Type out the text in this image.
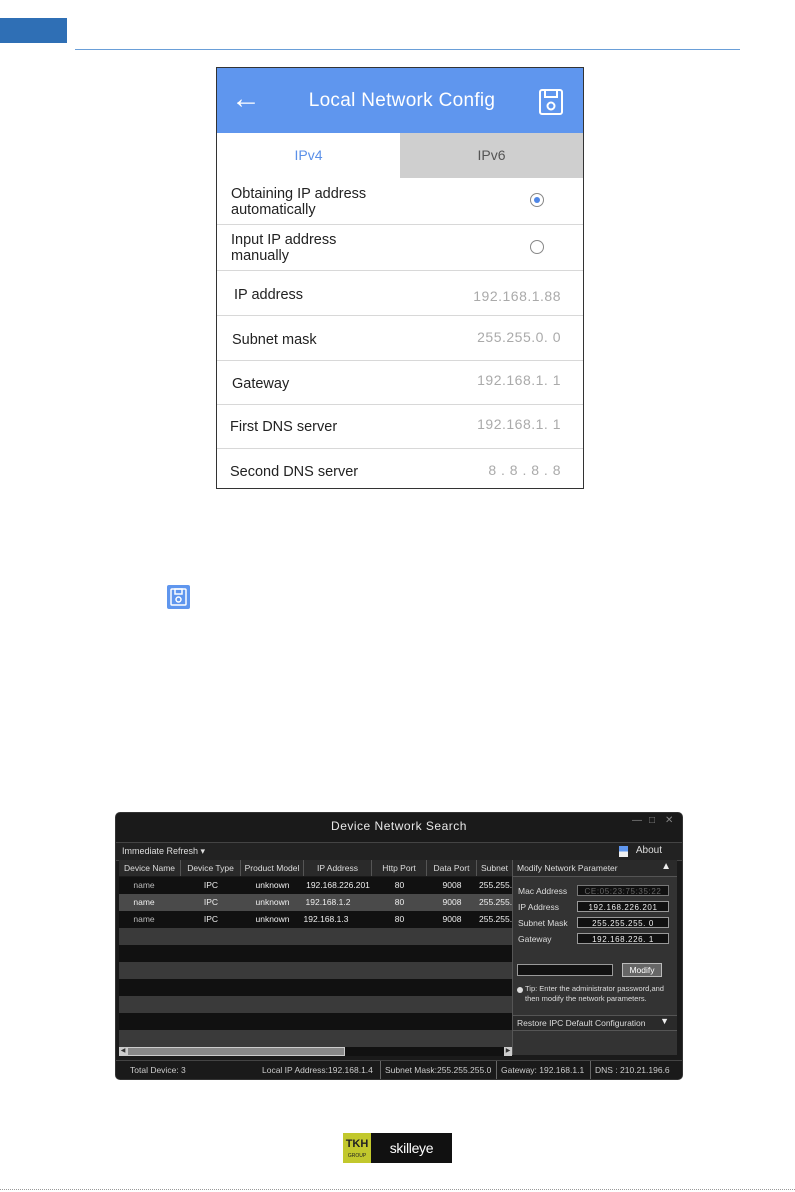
←	Local Network Config
IPv4	IPv6
Obtaining IP address
automatically
Input IP address
manually
IP address	192.168.1.88
Subnet mask	255.255.0. 0
Gateway	192.168.1. 1
First DNS server	192.168.1. 1
Second DNS server	8 . 8 . 8 . 8
Device Network Search	— □ ✕
Immediate Refresh ▾	About
Device Name	Device Type	Product Model	IP Address	Http Port	Data Port	Subnet
name	IPC	unknown	192.168.226.201	80	9008	255.255.
name	IPC	unknown	192.168.1.2	80	9008	255.255.
name	IPC	unknown	192.168.1.3	80	9008	255.255.
◀	▶
Modify Network Parameter	▲
Mac Address	CE:05:23:75:35:22
IP Address	192.168.226.201
Subnet Mask	255.255.255. 0
Gateway	192.168.226. 1
Modify
Tip: Enter the administrator password,and then modify the network parameters.
Restore IPC Default Configuration ▼
Total Device: 3	Local IP Address:192.168.1.4	Subnet Mask:255.255.255.0	Gateway: 192.168.1.1	DNS : 210.21.196.6
TKH
GROUP	skilleye
